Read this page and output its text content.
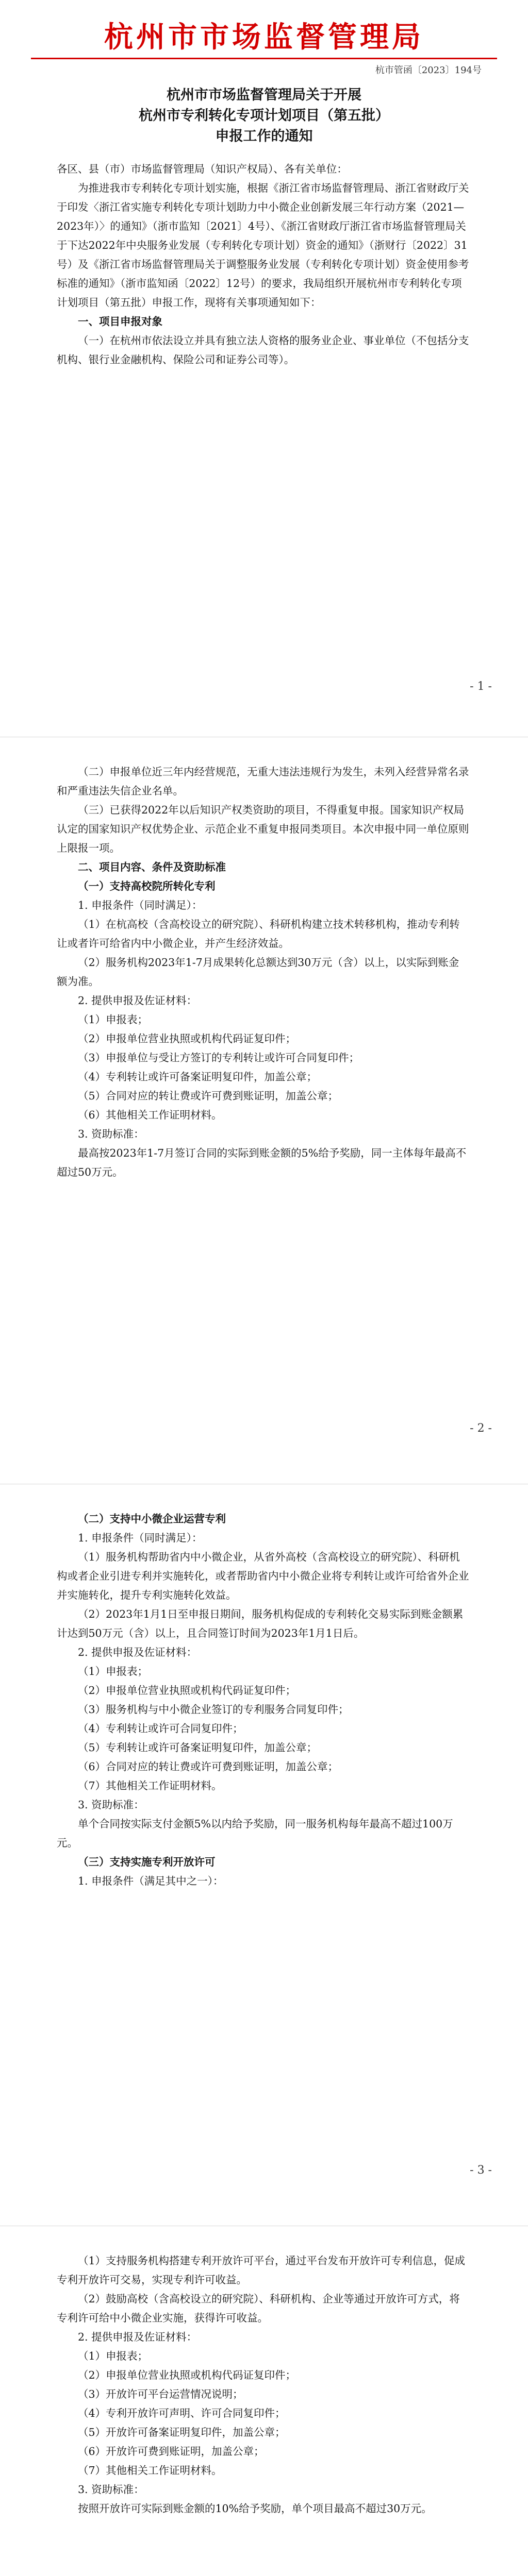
杭州市市场监督管理局
杭市管函〔2023〕194号
杭州市市场监督管理局关于开展
杭州市专利转化专项计划项目（第五批）
申报工作的通知

各区、县（市）市场监督管理局（知识产权局）、各有关单位：

为推进我市专利转化专项计划实施，根据《浙江省市场监督管理局、浙江省财政厅关于印发〈浙江省实施专利转化专项计划助力中小微企业创新发展三年行动方案（2021—2023年）〉的通知》（浙市监知〔2021〕4号）、《浙江省财政厅浙江省市场监督管理局关于下达2022年中央服务业发展（专利转化专项计划）资金的通知》（浙财行〔2022〕31号）及《浙江省市场监督管理局关于调整服务业发展（专利转化专项计划）资金使用参考标准的通知》（浙市监知函〔2022〕12号）的要求，我局组织开展杭州市专利转化专项计划项目（第五批）申报工作，现将有关事项通知如下：

一、项目申报对象

（一）在杭州市依法设立并具有独立法人资格的服务业企业、事业单位（不包括分支机构、银行业金融机构、保险公司和证券公司等）。

- 1 -

（二）申报单位近三年内经营规范，无重大违法违规行为发生，未列入经营异常名录和严重违法失信企业名单。

（三）已获得2022年以后知识产权类资助的项目，不得重复申报。国家知识产权局认定的国家知识产权优势企业、示范企业不重复申报同类项目。本次申报中同一单位原则上限报一项。

二、项目内容、条件及资助标准

（一）支持高校院所转化专利

1. 申报条件（同时满足）：

（1）在杭高校（含高校设立的研究院）、科研机构建立技术转移机构，推动专利转让或者许可给省内中小微企业，并产生经济效益。

（2）服务机构2023年1-7月成果转化总额达到30万元（含）以上，以实际到账金额为准。

2. 提供申报及佐证材料：

（1）申报表；

（2）申报单位营业执照或机构代码证复印件；

（3）申报单位与受让方签订的专利转让或许可合同复印件；

（4）专利转让或许可备案证明复印件，加盖公章；

（5）合同对应的转让费或许可费到账证明，加盖公章；

（6）其他相关工作证明材料。

3. 资助标准：

最高按2023年1-7月签订合同的实际到账金额的5%给予奖励，同一主体每年最高不超过50万元。

- 2 -

（二）支持中小微企业运营专利

1. 申报条件（同时满足）：

（1）服务机构帮助省内中小微企业，从省外高校（含高校设立的研究院）、科研机构或者企业引进专利并实施转化，或者帮助省内中小微企业将专利转让或许可给省外企业并实施转化，提升专利实施转化效益。

（2）2023年1月1日至申报日期间，服务机构促成的专利转化交易实际到账金额累计达到50万元（含）以上，且合同签订时间为2023年1月1日后。

2. 提供申报及佐证材料：

（1）申报表；

（2）申报单位营业执照或机构代码证复印件；

（3）服务机构与中小微企业签订的专利服务合同复印件；

（4）专利转让或许可合同复印件；

（5）专利转让或许可备案证明复印件，加盖公章；

（6）合同对应的转让费或许可费到账证明，加盖公章；

（7）其他相关工作证明材料。

3. 资助标准：

单个合同按实际支付金额5%以内给予奖励，同一服务机构每年最高不超过100万元。

（三）支持实施专利开放许可

1. 申报条件（满足其中之一）：

- 3 -

（1）支持服务机构搭建专利开放许可平台，通过平台发布开放许可专利信息，促成专利开放许可交易，实现专利许可收益。

（2）鼓励高校（含高校设立的研究院）、科研机构、企业等通过开放许可方式，将专利许可给中小微企业实施，获得许可收益。

2. 提供申报及佐证材料：

（1）申报表；

（2）申报单位营业执照或机构代码证复印件；

（3）开放许可平台运营情况说明；

（4）专利开放许可声明、许可合同复印件；

（5）开放许可备案证明复印件，加盖公章；

（6）开放许可费到账证明，加盖公章；

（7）其他相关工作证明材料。

3. 资助标准：

按照开放许可实际到账金额的10%给予奖励，单个项目最高不超过30万元。
